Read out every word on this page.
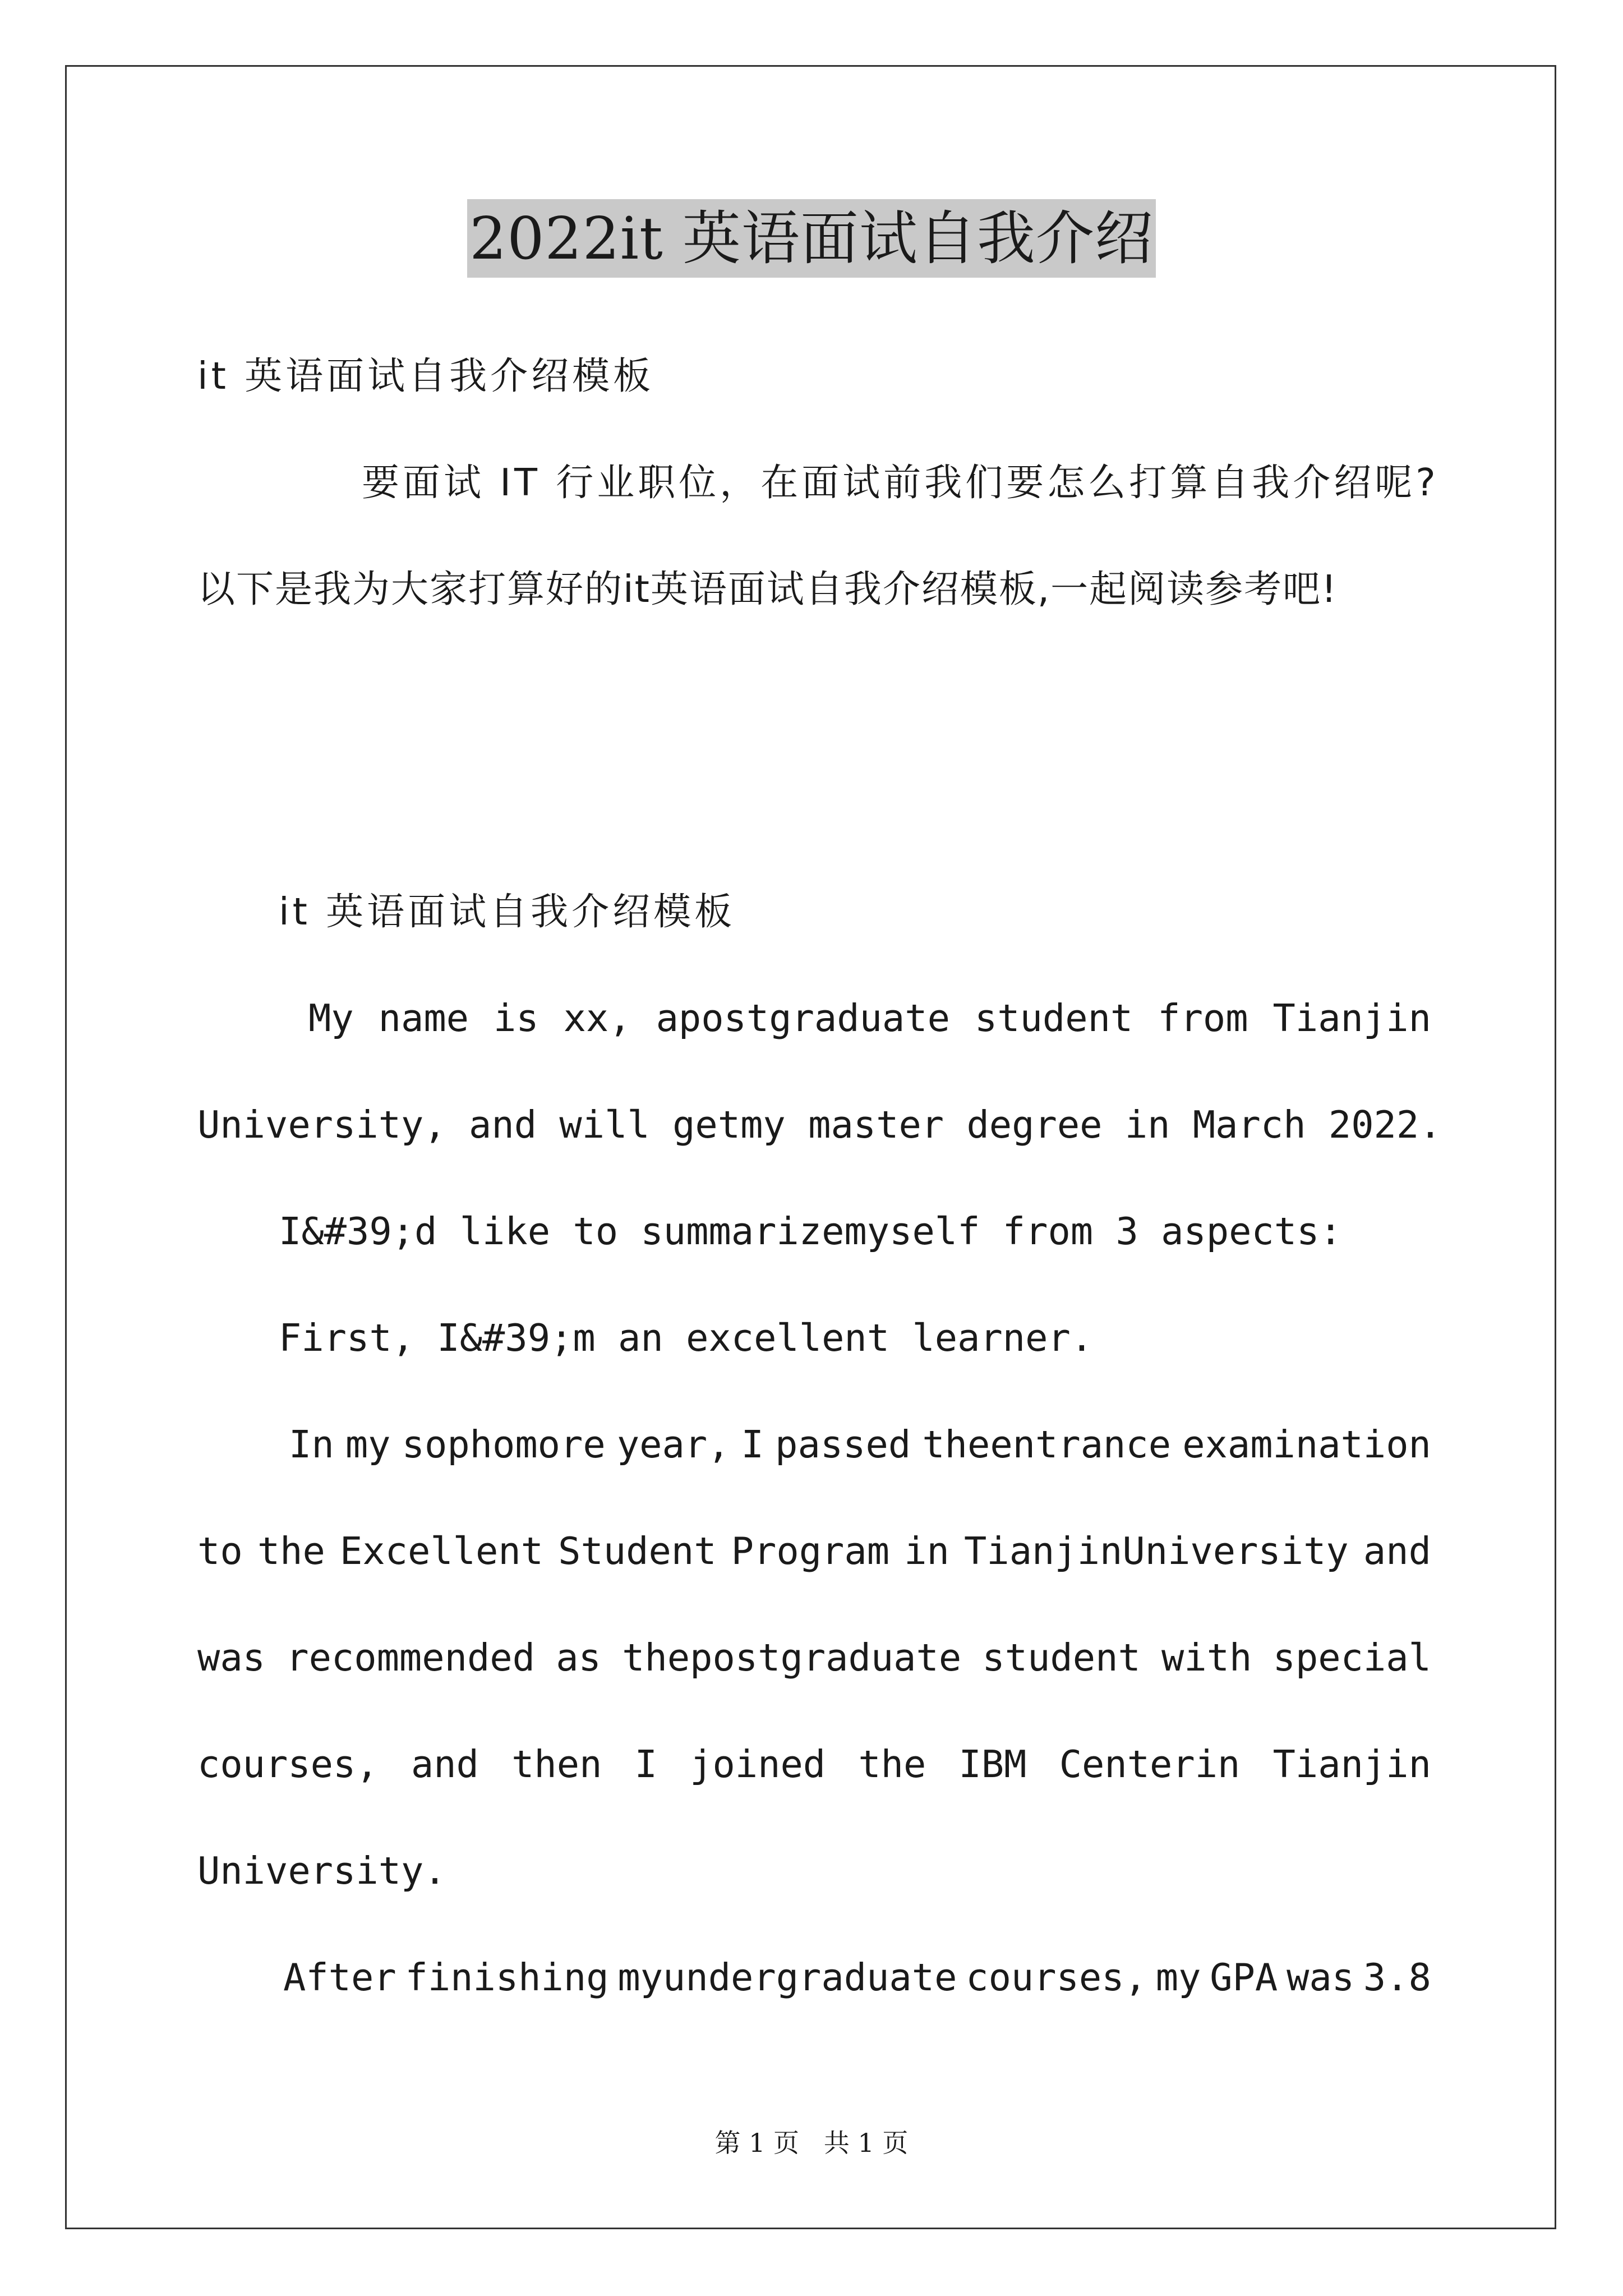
2022it 英语面试自我介绍
it 英语面试自我介绍模板
要面试 IT 行业职位，在面试前我们要怎么打算自我介绍呢?
以下是我为大家打算好的it英语面试自我介绍模板,一起阅读参考吧!
it 英语面试自我介绍模板
My name is xx, apostgraduate student from Tianjin
University, and will getmy master degree in March 2022.
I&#39;d like to summarizemyself from 3 aspects:
First, I&#39;m an excellent learner.
In my sophomore year, I passed theentrance examination
to the Excellent Student Program in TianjinUniversity and
was recommended as thepostgraduate student with special
courses, and then I joined the IBM Centerin Tianjin
University.
After finishing myundergraduate courses, my GPA was 3.8
第 1 页   共 1 页
